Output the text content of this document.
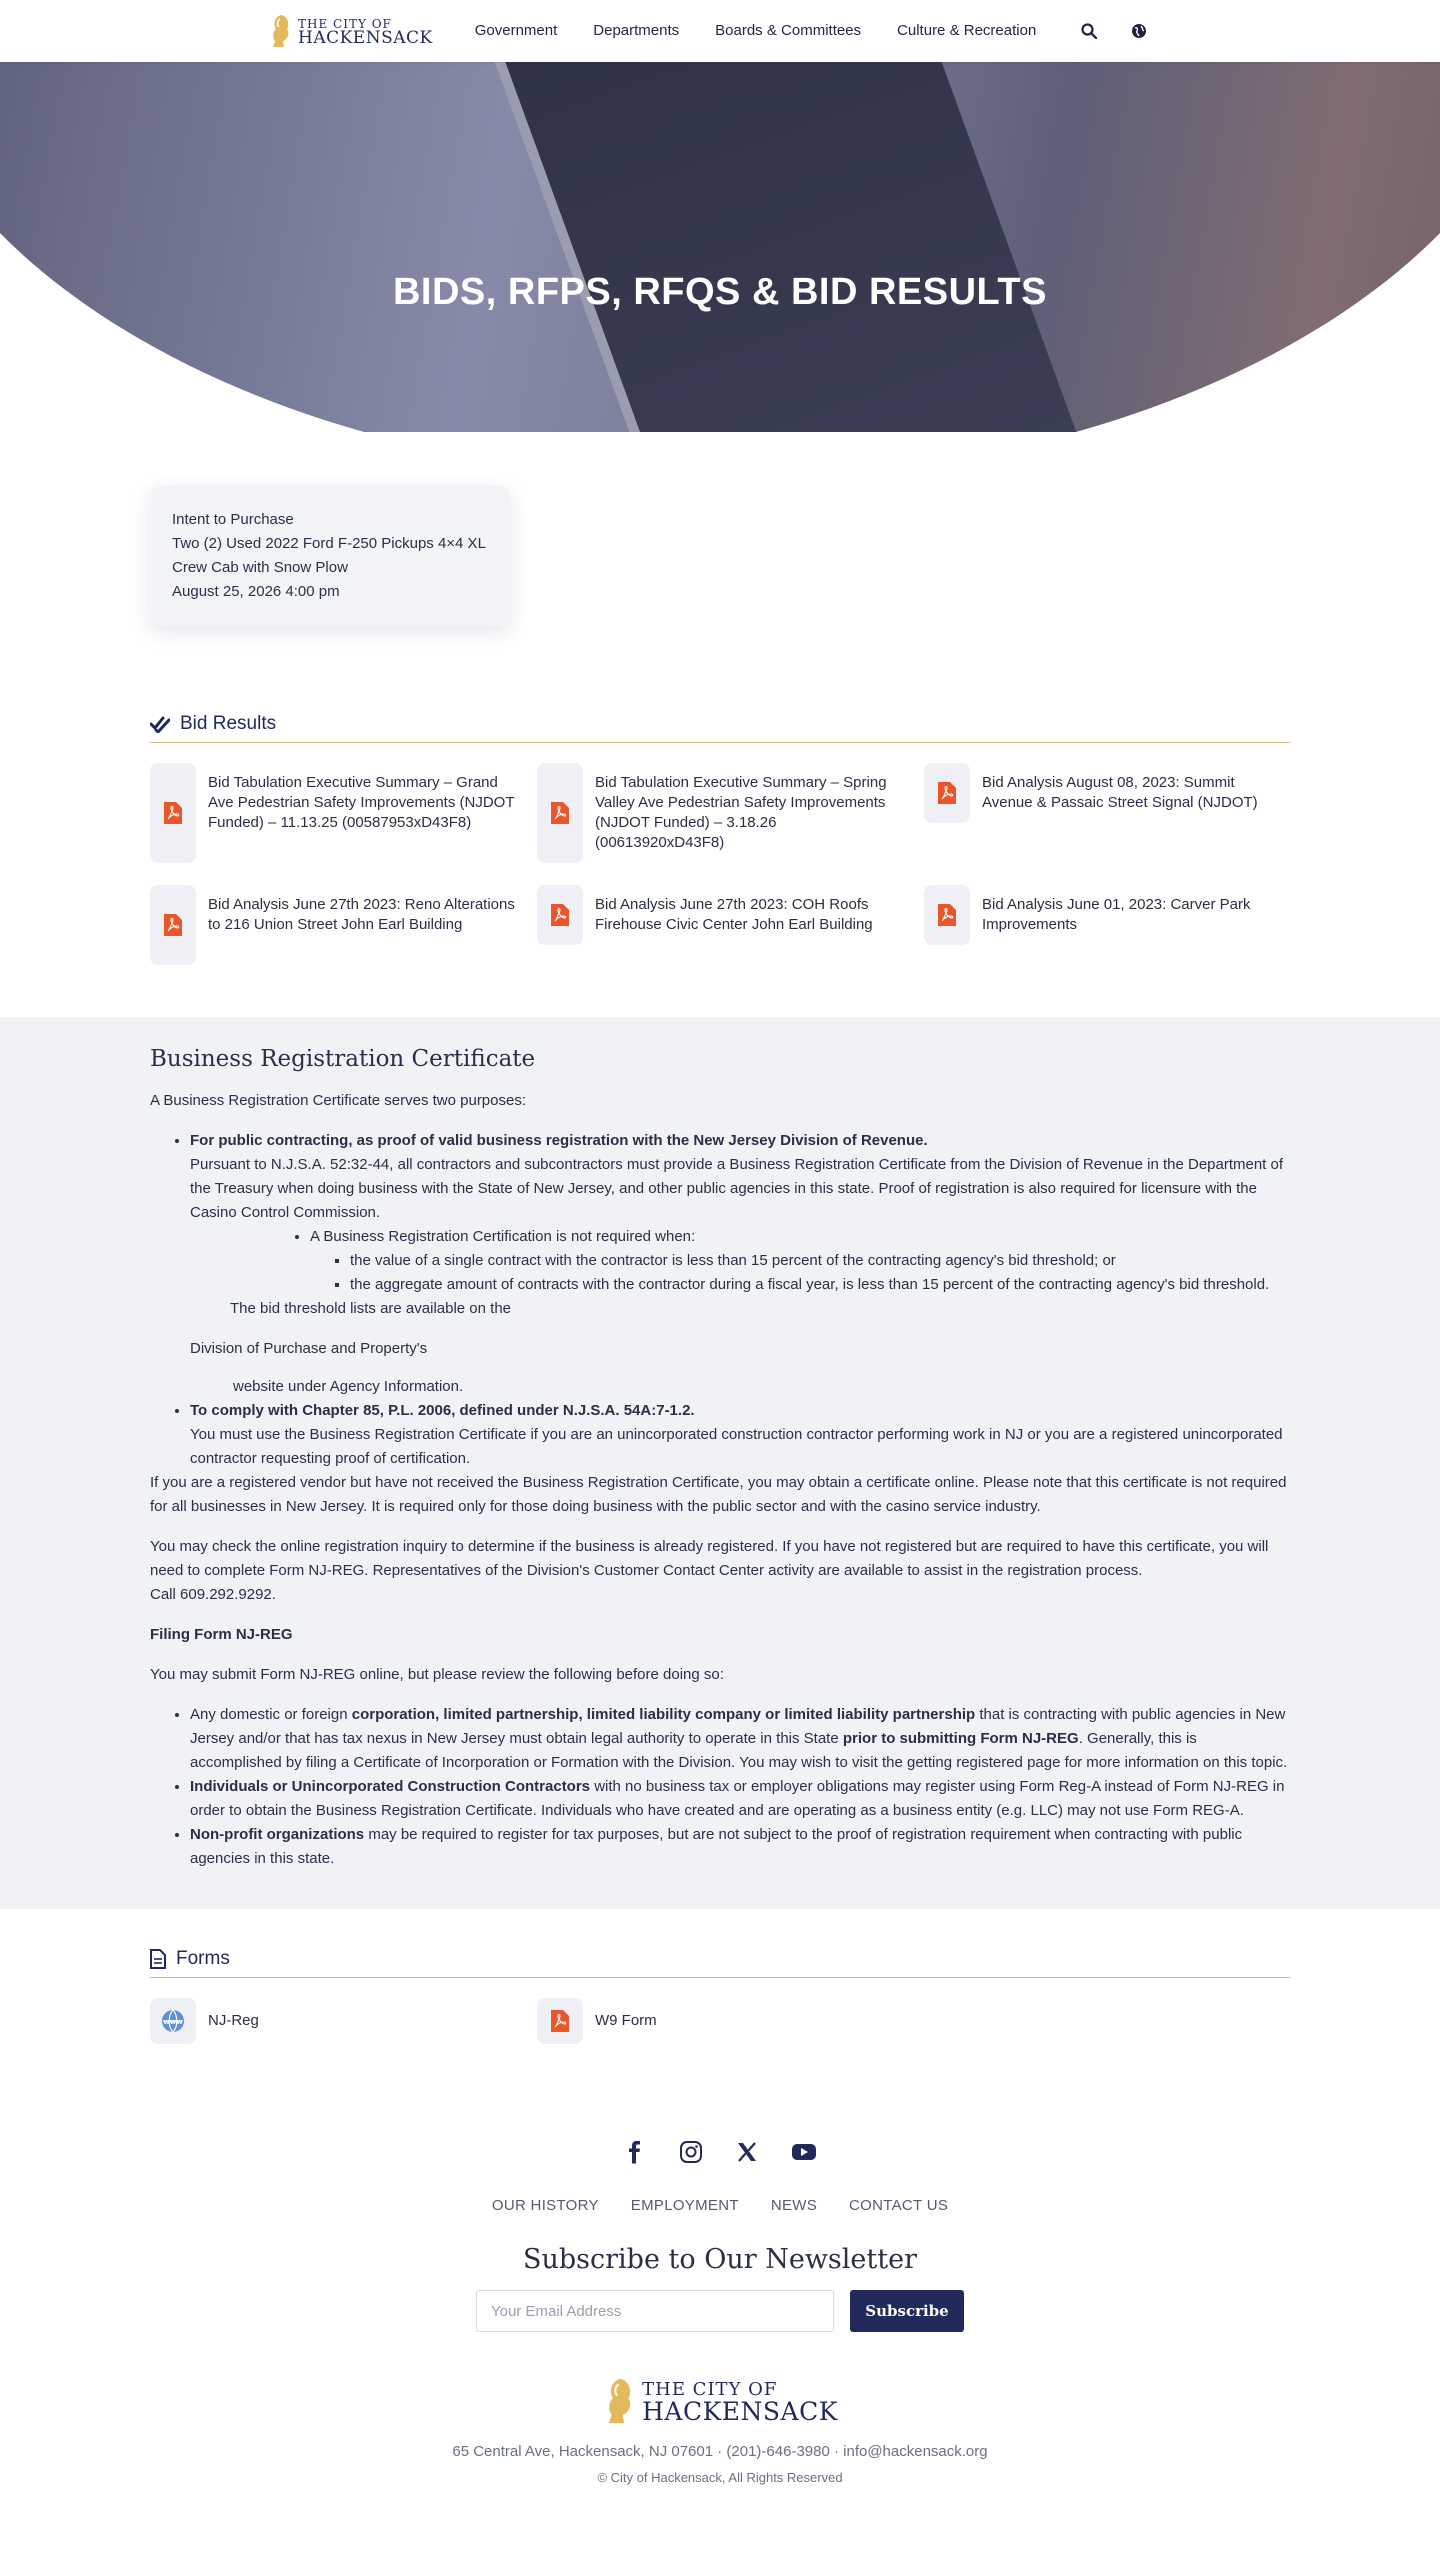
THE CITY OF
HACKENSACK	Government Departments Boards & Committees Culture & Recreation
BIDS, RFPS, RFQS & BID RESULTS
Intent to Purchase
Two (2) Used 2022 Ford F-250 Pickups 4×4 XL Crew Cab with Snow Plow
August 25, 2026 4:00 pm
Bid Results
Bid Tabulation Executive Summary – Grand Ave Pedestrian Safety Improvements (NJDOT Funded) – 11.13.25 (00587953xD43F8)
Bid Tabulation Executive Summary – Spring Valley Ave Pedestrian Safety Improvements (NJDOT Funded) – 3.18.26 (00613920xD43F8)
Bid Analysis August 08, 2023: Summit Avenue & Passaic Street Signal (NJDOT)
Bid Analysis June 27th 2023: Reno Alterations to 216 Union Street John Earl Building
Bid Analysis June 27th 2023: COH Roofs Firehouse Civic Center John Earl Building
Bid Analysis June 01, 2023: Carver Park Improvements
Business Registration Certificate

A Business Registration Certificate serves two purposes:

• For public contracting, as proof of valid business registration with the New Jersey Division of Revenue.
Pursuant to N.J.S.A. 52:32-44, all contractors and subcontractors must provide a Business Registration Certificate from the Division of Revenue in the Department of the Treasury when doing business with the State of New Jersey, and other public agencies in this state. Proof of registration is also required for licensure with the Casino Control Commission.
• A Business Registration Certification is not required when:
▪ the value of a single contract with the contractor is less than 15 percent of the contracting agency's bid threshold; or
▪ the aggregate amount of contracts with the contractor during a fiscal year, is less than 15 percent of the contracting agency's bid threshold.
The bid threshold lists are available on the
Division of Purchase and Property's
website under Agency Information.
• To comply with Chapter 85, P.L. 2006, defined under N.J.S.A. 54A:7-1.2.
You must use the Business Registration Certificate if you are an unincorporated construction contractor performing work in NJ or you are a registered unincorporated contractor requesting proof of certification.

If you are a registered vendor but have not received the Business Registration Certificate, you may obtain a certificate online. Please note that this certificate is not required for all businesses in New Jersey. It is required only for those doing business with the public sector and with the casino service industry.

You may check the online registration inquiry to determine if the business is already registered. If you have not registered but are required to have this certificate, you will need to complete Form NJ-REG. Representatives of the Division's Customer Contact Center activity are available to assist in the registration process.
Call 609.292.9292.

Filing Form NJ-REG

You may submit Form NJ-REG online, but please review the following before doing so:

• Any domestic or foreign corporation, limited partnership, limited liability company or limited liability partnership that is contracting with public agencies in New Jersey and/or that has tax nexus in New Jersey must obtain legal authority to operate in this State prior to submitting Form NJ-REG. Generally, this is accomplished by filing a Certificate of Incorporation or Formation with the Division. You may wish to visit the getting registered page for more information on this topic.
• Individuals or Unincorporated Construction Contractors with no business tax or employer obligations may register using Form Reg-A instead of Form NJ-REG in order to obtain the Business Registration Certificate. Individuals who have created and are operating as a business entity (e.g. LLC) may not use Form REG-A.
• Non-profit organizations may be required to register for tax purposes, but are not subject to the proof of registration requirement when contracting with public agencies in this state.
Forms
www NJ-Reg	W9 Form
OUR HISTORY EMPLOYMENT NEWS CONTACT US
Subscribe to Our Newsletter
Your Email Address
Subscribe
THE CITY OF
HACKENSACK
65 Central Ave, Hackensack, NJ 07601 · (201)-646-3980 · info@hackensack.org
© City of Hackensack, All Rights Reserved
